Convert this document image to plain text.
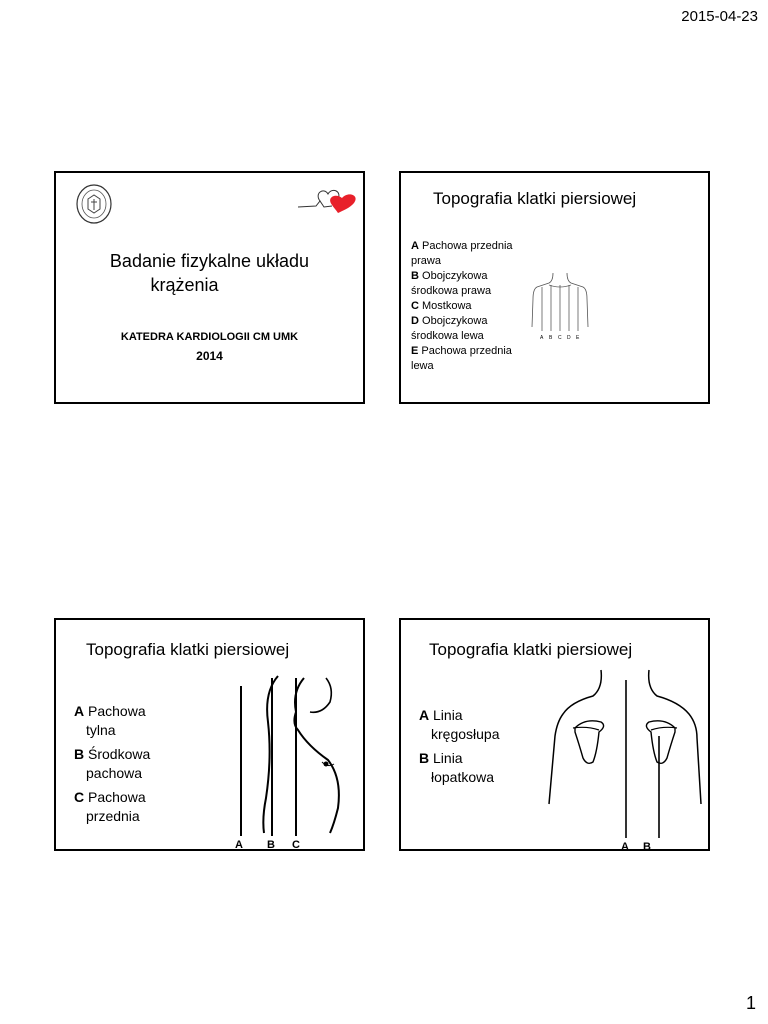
2015-04-23
Badanie fizykalne układu
krążenia
KATEDRA KARDIOLOGII CM UMK
2014
Topografia klatki piersiowej
A Pachowa przednia prawa
B Obojczykowa środkowa prawa
C Mostkowa
D Obojczykowa środkowa lewa
E Pachowa przednia lewa
A B C D E
Topografia klatki piersiowej
A Pachowa
tylna
B Środkowa
pachowa
C Pachowa
przednia
A B C
Topografia klatki piersiowej
A Linia
kręgosłupa
B Linia
łopatkowa
A B
1
